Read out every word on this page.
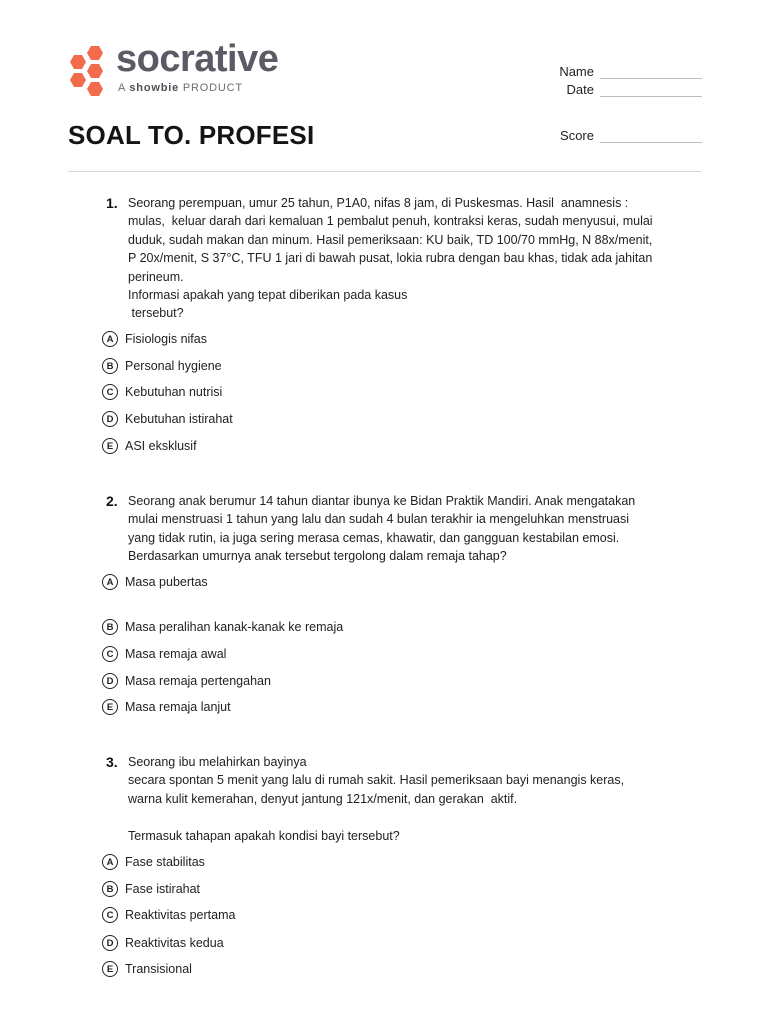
socrative
A showbie PRODUCT
SOAL TO. PROFESI
Name
Date
Score
1. Seorang perempuan, umur 25 tahun, P1A0, nifas 8 jam, di Puskesmas. Hasil  anamnesis :
mulas,  keluar darah dari kemaluan 1 pembalut penuh, kontraksi keras, sudah menyusui, mulai
duduk, sudah makan dan minum. Hasil pemeriksaan: KU baik, TD 100/70 mmHg, N 88x/menit,
P 20x/menit, S 37°C, TFU 1 jari di bawah pusat, lokia rubra dengan bau khas, tidak ada jahitan
perineum.
Informasi apakah yang tepat diberikan pada kasus
tersebut?
A Fisiologis nifas
B Personal hygiene
C Kebutuhan nutrisi
D Kebutuhan istirahat
E ASI eksklusif
2. Seorang anak berumur 14 tahun diantar ibunya ke Bidan Praktik Mandiri. Anak mengatakan
mulai menstruasi 1 tahun yang lalu dan sudah 4 bulan terakhir ia mengeluhkan menstruasi
yang tidak rutin, ia juga sering merasa cemas, khawatir, dan gangguan kestabilan emosi.
Berdasarkan umurnya anak tersebut tergolong dalam remaja tahap?
A Masa pubertas
B Masa peralihan kanak-kanak ke remaja
C Masa remaja awal
D Masa remaja pertengahan
E Masa remaja lanjut
3. Seorang ibu melahirkan bayinya
secara spontan 5 menit yang lalu di rumah sakit. Hasil pemeriksaan bayi menangis keras,
warna kulit kemerahan, denyut jantung 121x/menit, dan gerakan  aktif.

Termasuk tahapan apakah kondisi bayi tersebut?
A Fase stabilitas
B Fase istirahat
C Reaktivitas pertama
D Reaktivitas kedua
E Transisional
